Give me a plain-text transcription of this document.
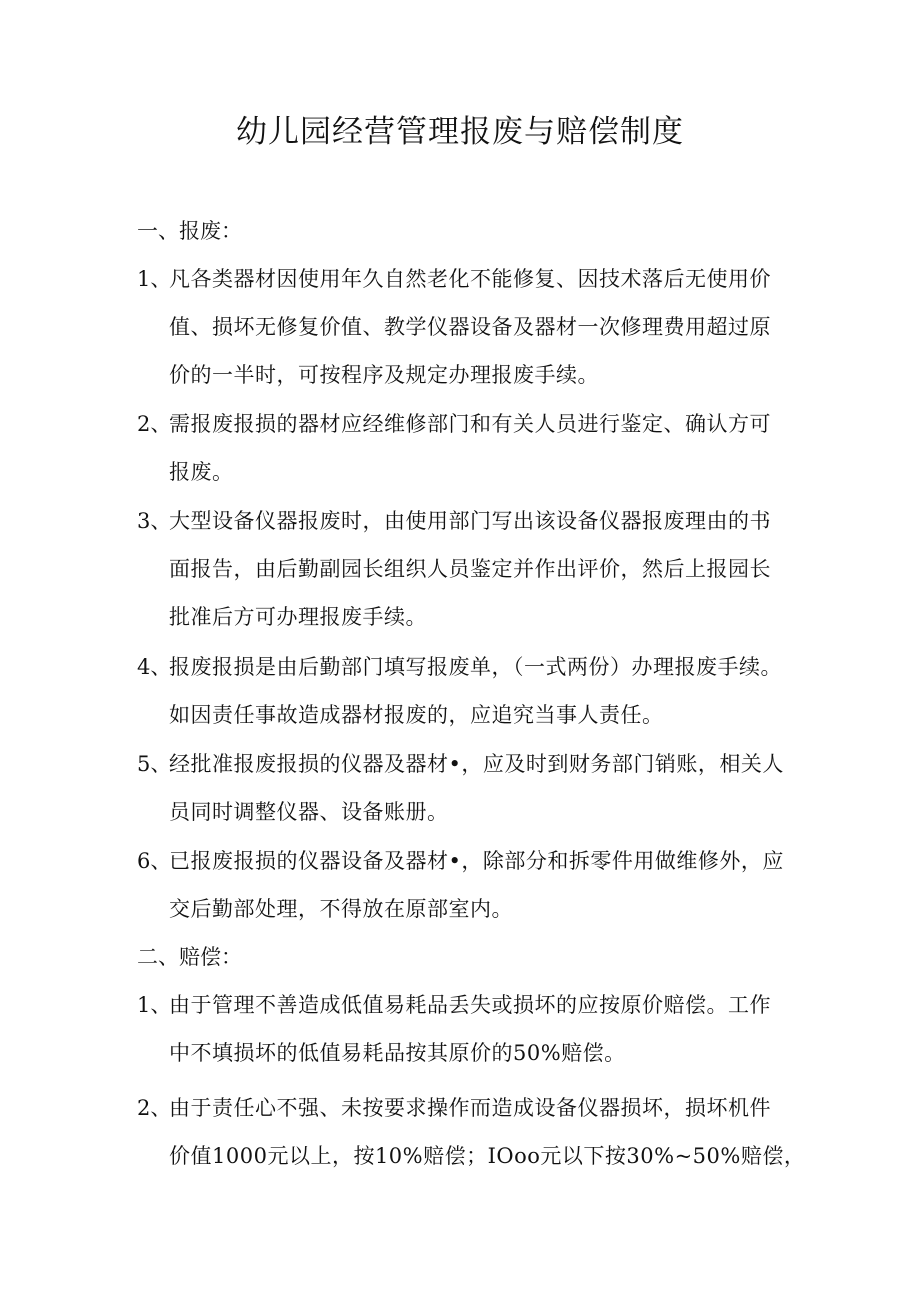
幼儿园经营管理报废与赔偿制度
一、报废：
1、
凡各类器材因使用年久自然老化不能修复、因技术落后无使用价
值、损坏无修复价值、教学仪器设备及器材一次修理费用超过原
价的一半时，可按程序及规定办理报废手续。
2、
需报废报损的器材应经维修部门和有关人员进行鉴定、确认方可
报废。
3、
大型设备仪器报废时，由使用部门写出该设备仪器报废理由的书
面报告，由后勤副园长组织人员鉴定并作出评价，然后上报园长
批准后方可办理报废手续。
4、
报废报损是由后勤部门填写报废单，（一式两份）办理报废手续。
如因责任事故造成器材报废的，应追究当事人责任。
5、
经批准报废报损的仪器及器材•，应及时到财务部门销账，相关人
员同时调整仪器、设备账册。
6、
已报废报损的仪器设备及器材•，除部分和拆零件用做维修外，应
交后勤部处理，不得放在原部室内。
二、赔偿：
1、
由于管理不善造成低值易耗品丢失或损坏的应按原价赔偿。工作
中不填损坏的低值易耗品按其原价的50%赔偿。
2、
由于责任心不强、未按要求操作而造成设备仪器损坏，损坏机件
价值1000元以上，按10%赔偿；IOoo元以下按30%~50%赔偿，
